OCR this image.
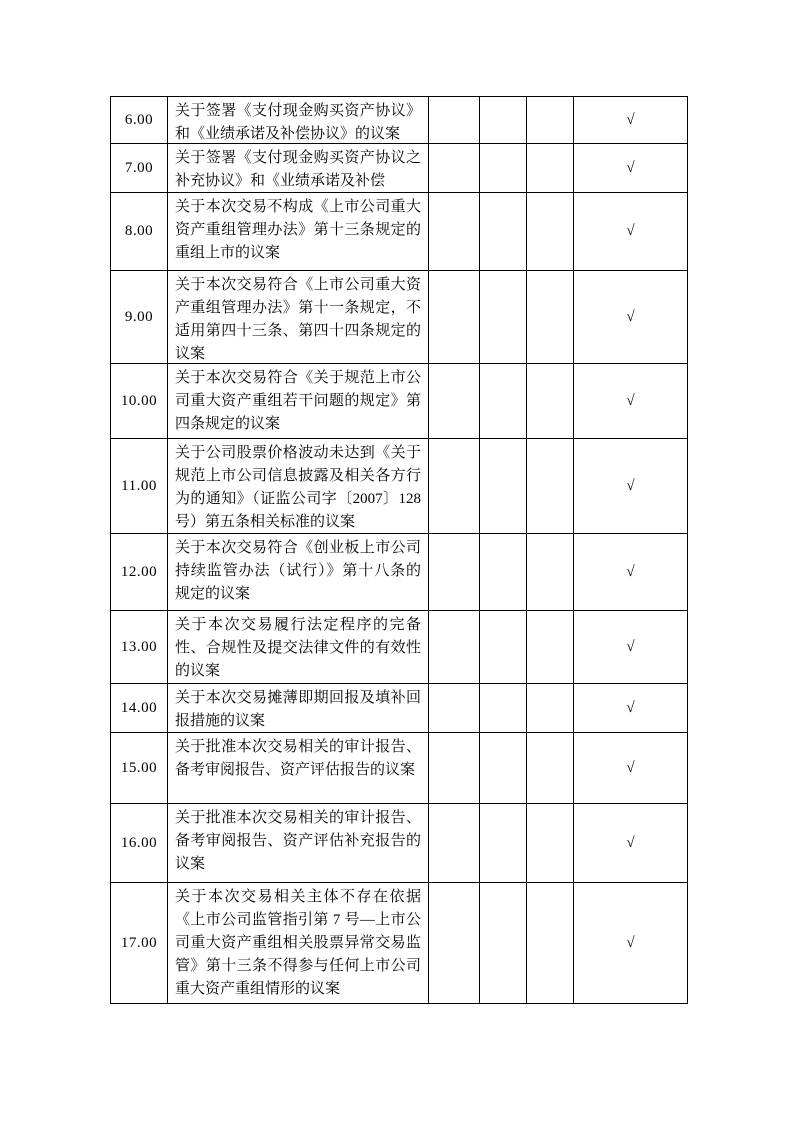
6.00	关于签署《支付现金购买资产协议》和《业绩承诺及补偿协议》的议案				√
7.00	关于签署《支付现金购买资产协议之补充协议》和《业绩承诺及补偿				√
8.00	关于本次交易不构成《上市公司重大资产重组管理办法》第十三条规定的重组上市的议案				√
9.00	关于本次交易符合《上市公司重大资产重组管理办法》第十一条规定，不适用第四十三条、第四十四条规定的议案				√
10.00	关于本次交易符合《关于规范上市公司重大资产重组若干问题的规定》第四条规定的议案				√
11.00	关于公司股票价格波动未达到《关于规范上市公司信息披露及相关各方行为的通知》（证监公司字〔2007〕128 号）第五条相关标准的议案				√
12.00	关于本次交易符合《创业板上市公司持续监管办法（试行）》第十八条的规定的议案				√
13.00	关于本次交易履行法定程序的完备性、合规性及提交法律文件的有效性的议案				√
14.00	关于本次交易摊薄即期回报及填补回报措施的议案				√
15.00	关于批准本次交易相关的审计报告、备考审阅报告、资产评估报告的议案				√
16.00	关于批准本次交易相关的审计报告、备考审阅报告、资产评估补充报告的议案				√
17.00	关于本次交易相关主体不存在依据《上市公司监管指引第 7 号—上市公司重大资产重组相关股票异常交易监管》第十三条不得参与任何上市公司重大资产重组情形的议案				√
